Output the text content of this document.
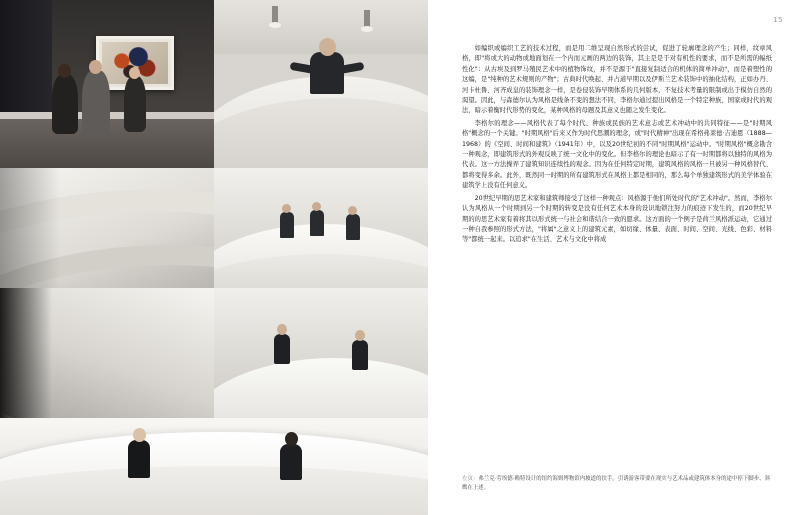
15

如编织或编织工艺的技术过程，而是用二维呈现自然形式的尝试，促进了轮廓理念的产生；同样，纹章风格，即"将或大的动物或地面划在一个内而元画的两边的装饰，其主是是于对有机性的要求，而不是所需的幅纸性化"：从古埃及到罗马殖民艺术中的植物饰纹，并不是源于"直接复制适合的机体的简单冲动"，而是着塑性的这编，是"纯种的艺术规则的产物"；古典时代唤起、并占道早期以及伊斯兰艺术装饰中的抽化结构，正如办丹、河卡杜鲁、河齐成皇的装饰理念一样，是卷侵装饰早期体系的几何版本，不复技术考量的限制或出于模仿自然的渴望。因此，与森德尔认为风格是线条不变的想法不同，李格尔通过提出风格是一个特定种族、国家或时代的观法，暗示着衡时代形势的变化，某种风格的母题及其意义也随之发生变化。

李格尔的理念——风格代表了每个时代、种族或民族的艺术意志或艺术冲动中的共同特征——是"时期风格"概念的一个关键。"时期风格"后来又作为时代思潮的理念，或"时代精神"出现在希格弗莱德·吉迪恩（1888—1968）的《空间、时间和建筑》（1941年）中，以及20世纪初的不同"时期风格"运动中。"时期风格"概念勘含一种观念，即建筑形式的外观反映了统一文化中的变化。但李格尔的理论也暗示了有一时期都将以独特的风格为代表。这一方法操弄了建筑知识连续性的观念。因为在任何特定时期，建筑风格的风格一旦被另一种风格替代、都将变得多余。此外，既然同一时期的所有建筑形式在风格上都是相同的，那么每个单独建筑形式的美学体验在建筑学上没有任何意义。

20世纪早期的思艺术家和建筑师接受了这样一种观点：风格源于他们所处时代的"艺术冲动"。然而，李格尔认为风格从一个时期到另一个时期的转变是没有任何艺术本身的设识地锁注努力的痕迹下发生的，而20世纪早期的的思艺术家有着将其以形式统一与社会和谐结合一致的愿求。这方面的一个例子是荷兰风格派运动，它通过一种自我参照的形式方法，"将属"之意义上的建筑元素，如切缘、体量、表面、时间、空间、光线、色彩、材料等"都统一起来。以追求"在生活、艺术与文化中将成

左页：弗兰克·劳埃德·赖特设计的纽约海姆博物馆内坡道的扶手。引诱游客带要在现实与艺术品或建筑体本身的途中停下脚步、斜鹰在上述。
